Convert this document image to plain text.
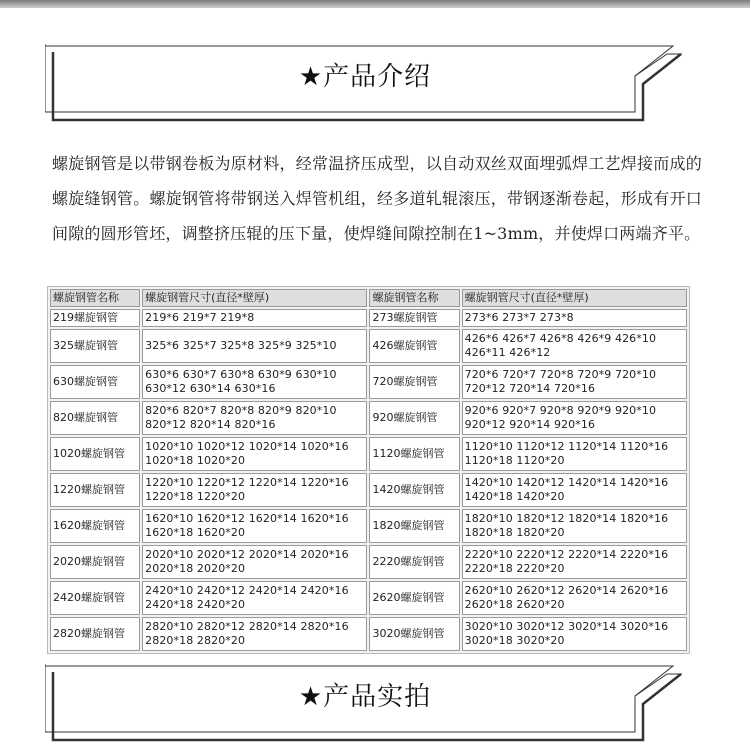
★产品介绍
螺旋钢管是以带钢卷板为原材料，经常温挤压成型，以自动双丝双面埋弧焊工艺焊接而成的螺旋缝钢管。螺旋钢管将带钢送入焊管机组，经多道轧辊滚压，带钢逐渐卷起，形成有开口间隙的圆形管坯，调整挤压辊的压下量，使焊缝间隙控制在1~3mm，并使焊口两端齐平。
螺旋钢管名称	螺旋钢管尺寸(直径*壁厚)	螺旋钢管名称	螺旋钢管尺寸(直径*壁厚)
219螺旋钢管	219*6 219*7 219*8	273螺旋钢管	273*6 273*7 273*8
325螺旋钢管	325*6 325*7 325*8 325*9 325*10	426螺旋钢管	426*6 426*7 426*8 426*9 426*10 426*11 426*12
630螺旋钢管	630*6 630*7 630*8 630*9 630*10 630*12 630*14 630*16	720螺旋钢管	720*6 720*7 720*8 720*9 720*10 720*12 720*14 720*16
820螺旋钢管	820*6 820*7 820*8 820*9 820*10 820*12 820*14 820*16	920螺旋钢管	920*6 920*7 920*8 920*9 920*10 920*12 920*14 920*16
1020螺旋钢管	1020*10 1020*12 1020*14 1020*16 1020*18 1020*20	1120螺旋钢管	1120*10 1120*12 1120*14 1120*16 1120*18 1120*20
1220螺旋钢管	1220*10 1220*12 1220*14 1220*16 1220*18 1220*20	1420螺旋钢管	1420*10 1420*12 1420*14 1420*16 1420*18 1420*20
1620螺旋钢管	1620*10 1620*12 1620*14 1620*16 1620*18 1620*20	1820螺旋钢管	1820*10 1820*12 1820*14 1820*16 1820*18 1820*20
2020螺旋钢管	2020*10 2020*12 2020*14 2020*16 2020*18 2020*20	2220螺旋钢管	2220*10 2220*12 2220*14 2220*16 2220*18 2220*20
2420螺旋钢管	2420*10 2420*12 2420*14 2420*16 2420*18 2420*20	2620螺旋钢管	2620*10 2620*12 2620*14 2620*16 2620*18 2620*20
2820螺旋钢管	2820*10 2820*12 2820*14 2820*16 2820*18 2820*20	3020螺旋钢管	3020*10 3020*12 3020*14 3020*16 3020*18 3020*20
★产品实拍
